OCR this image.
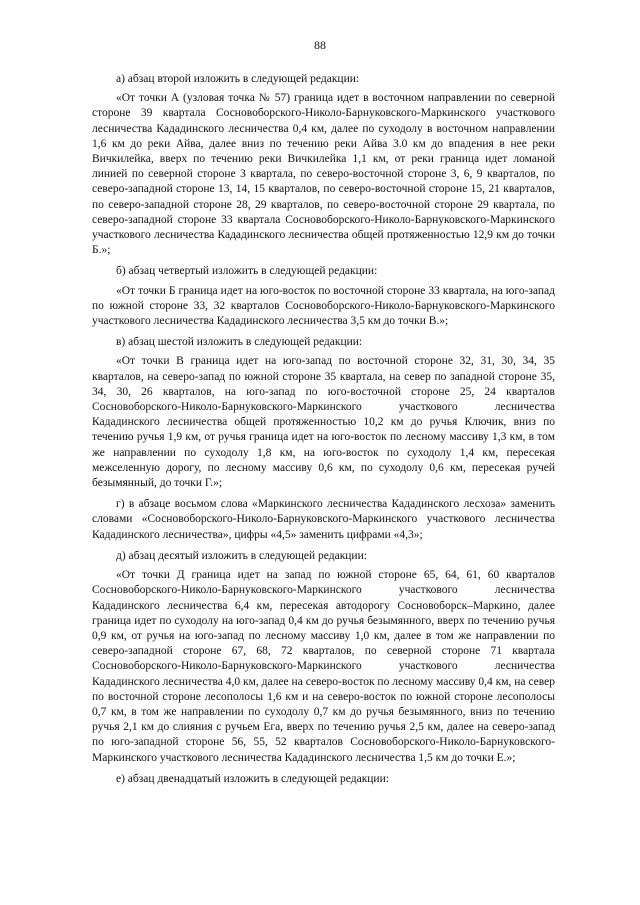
88

а) абзац второй изложить в следующей редакции:

«От точки А (узловая точка № 57) граница идет в восточном направлении по северной стороне 39 квартала Сосновоборского-Николо-Барнуковского-Маркинского участкового лесничества Кададинского лесничества 0,4 км, далее по суходолу в восточном направлении 1,6 км до реки Айва, далее вниз по течению реки Айва 3.0 км до впадения в нее реки Вичкилейка, вверх по течению реки Вичкилейка 1,1 км, от реки граница идет ломаной линией по северной стороне 3 квартала, по северо-восточной стороне 3, 6, 9 кварталов, по северо-западной стороне 13, 14, 15 кварталов, по северо-восточной стороне 15, 21 кварталов, по северо-западной стороне 28, 29 кварталов, по северо-восточной стороне 29 квартала, по северо-западной стороне 33 квартала Сосновоборского-Николо-Барнуковского-Маркинского участкового лесничества Кададинского лесничества общей протяженностью 12,9 км до точки Б.»;

б) абзац четвертый изложить в следующей редакции:

«От точки Б граница идет на юго-восток по восточной стороне 33 квартала, на юго-запад по южной стороне 33, 32 кварталов Сосновоборского-Николо-Барнуковского-Маркинского участкового лесничества Кададинского лесничества 3,5 км до точки В.»;

в) абзац шестой изложить в следующей редакции:

«От точки В граница идет на юго-запад по восточной стороне 32, 31, 30, 34, 35 кварталов, на северо-запад по южной стороне 35 квартала, на север по западной стороне 35, 34, 30, 26 кварталов, на юго-запад по юго-восточной стороне 25, 24 кварталов Сосновоборского-Николо-Барнуковского-Маркинского участкового лесничества Кададинского лесничества общей протяженностью 10,2 км до ручья Ключик, вниз по течению ручья 1,9 км, от ручья граница идет на юго-восток по лесному массиву 1,3 км, в том же направлении по суходолу 1,8 км, на юго-восток по суходолу 1,4 км, пересекая межселенную дорогу, по лесному массиву 0,6 км, по суходолу 0,6 км, пересекая ручей безымянный, до точки Г.»;

г) в абзаце восьмом слова «Маркинского лесничества Кададинского лесхоза» заменить словами «Сосновоборского-Николо-Барнуковского-Маркинского участкового лесничества Кададинского лесничества», цифры «4,5» заменить цифрами «4,3»;

д) абзац десятый изложить в следующей редакции:

«От точки Д граница идет на запад по южной стороне 65, 64, 61, 60 кварталов Сосновоборского-Николо-Барнуковского-Маркинского участкового лесничества Кададинского лесничества 6,4 км, пересекая автодорогу Сосновоборск–Маркино, далее граница идет по суходолу на юго-запад 0,4 км до ручья безымянного, вверх по течению ручья 0,9 км, от ручья на юго-запад по лесному массиву 1,0 км, далее в том же направлении по северо-западной стороне 67, 68, 72 кварталов, по северной стороне 71 квартала Сосновоборского-Николо-Барнуковского-Маркинского участкового лесничества Кададинского лесничества 4,0 км, далее на северо-восток по лесному массиву 0,4 км, на север по восточной стороне лесополосы 1,6 км и на северо-восток по южной стороне лесополосы 0,7 км, в том же направлении по суходолу 0,7 км до ручья безымянного, вниз по течению ручья 2,1 км до слияния с ручьем Ега, вверх по течению ручья 2,5 км, далее на северо-запад по юго-западной стороне 56, 55, 52 кварталов Сосновоборского-Николо-Барнуковского-Маркинского участкового лесничества Кададинского лесничества 1,5 км до точки Е.»;

е) абзац двенадцатый изложить в следующей редакции:
